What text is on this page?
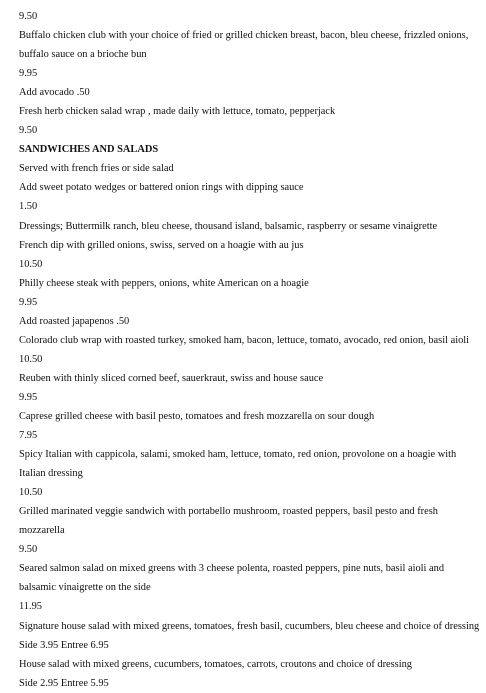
9.50
Buffalo chicken club with your choice of fried or grilled chicken breast, bacon, bleu cheese, frizzled onions, buffalo sauce on a brioche bun
9.95
Add avocado .50
Fresh herb chicken salad wrap , made daily with lettuce, tomato, pepperjack
9.50
SANDWICHES AND SALADS
Served with french fries or side salad
Add sweet potato wedges or battered onion rings with dipping sauce
1.50
Dressings; Buttermilk ranch, bleu cheese, thousand island, balsamic, raspberry or sesame vinaigrette
French dip with grilled onions, swiss, served on a hoagie with au jus
10.50
Philly cheese steak with peppers, onions, white American on a hoagie
9.95
Add roasted japapenos .50
Colorado club wrap with roasted turkey, smoked ham, bacon, lettuce, tomato, avocado, red onion, basil aioli
10.50
Reuben with thinly sliced corned beef, sauerkraut, swiss and house sauce
9.95
Caprese grilled cheese with basil pesto, tomatoes and fresh mozzarella on sour dough
7.95
Spicy Italian with cappicola, salami, smoked ham, lettuce, tomato, red onion, provolone on a hoagie with Italian dressing
10.50
Grilled marinated veggie sandwich with portabello mushroom, roasted peppers, basil pesto and fresh mozzarella
9.50
Seared salmon salad on mixed greens with 3 cheese polenta, roasted peppers, pine nuts, basil aioli and balsamic vinaigrette on the side
11.95
Signature house salad with mixed greens, tomatoes, fresh basil, cucumbers, bleu cheese and choice of dressing
Side 3.95 Entree 6.95
House salad with mixed greens, cucumbers, tomatoes, carrots, croutons and choice of dressing
Side 2.95 Entree 5.95
